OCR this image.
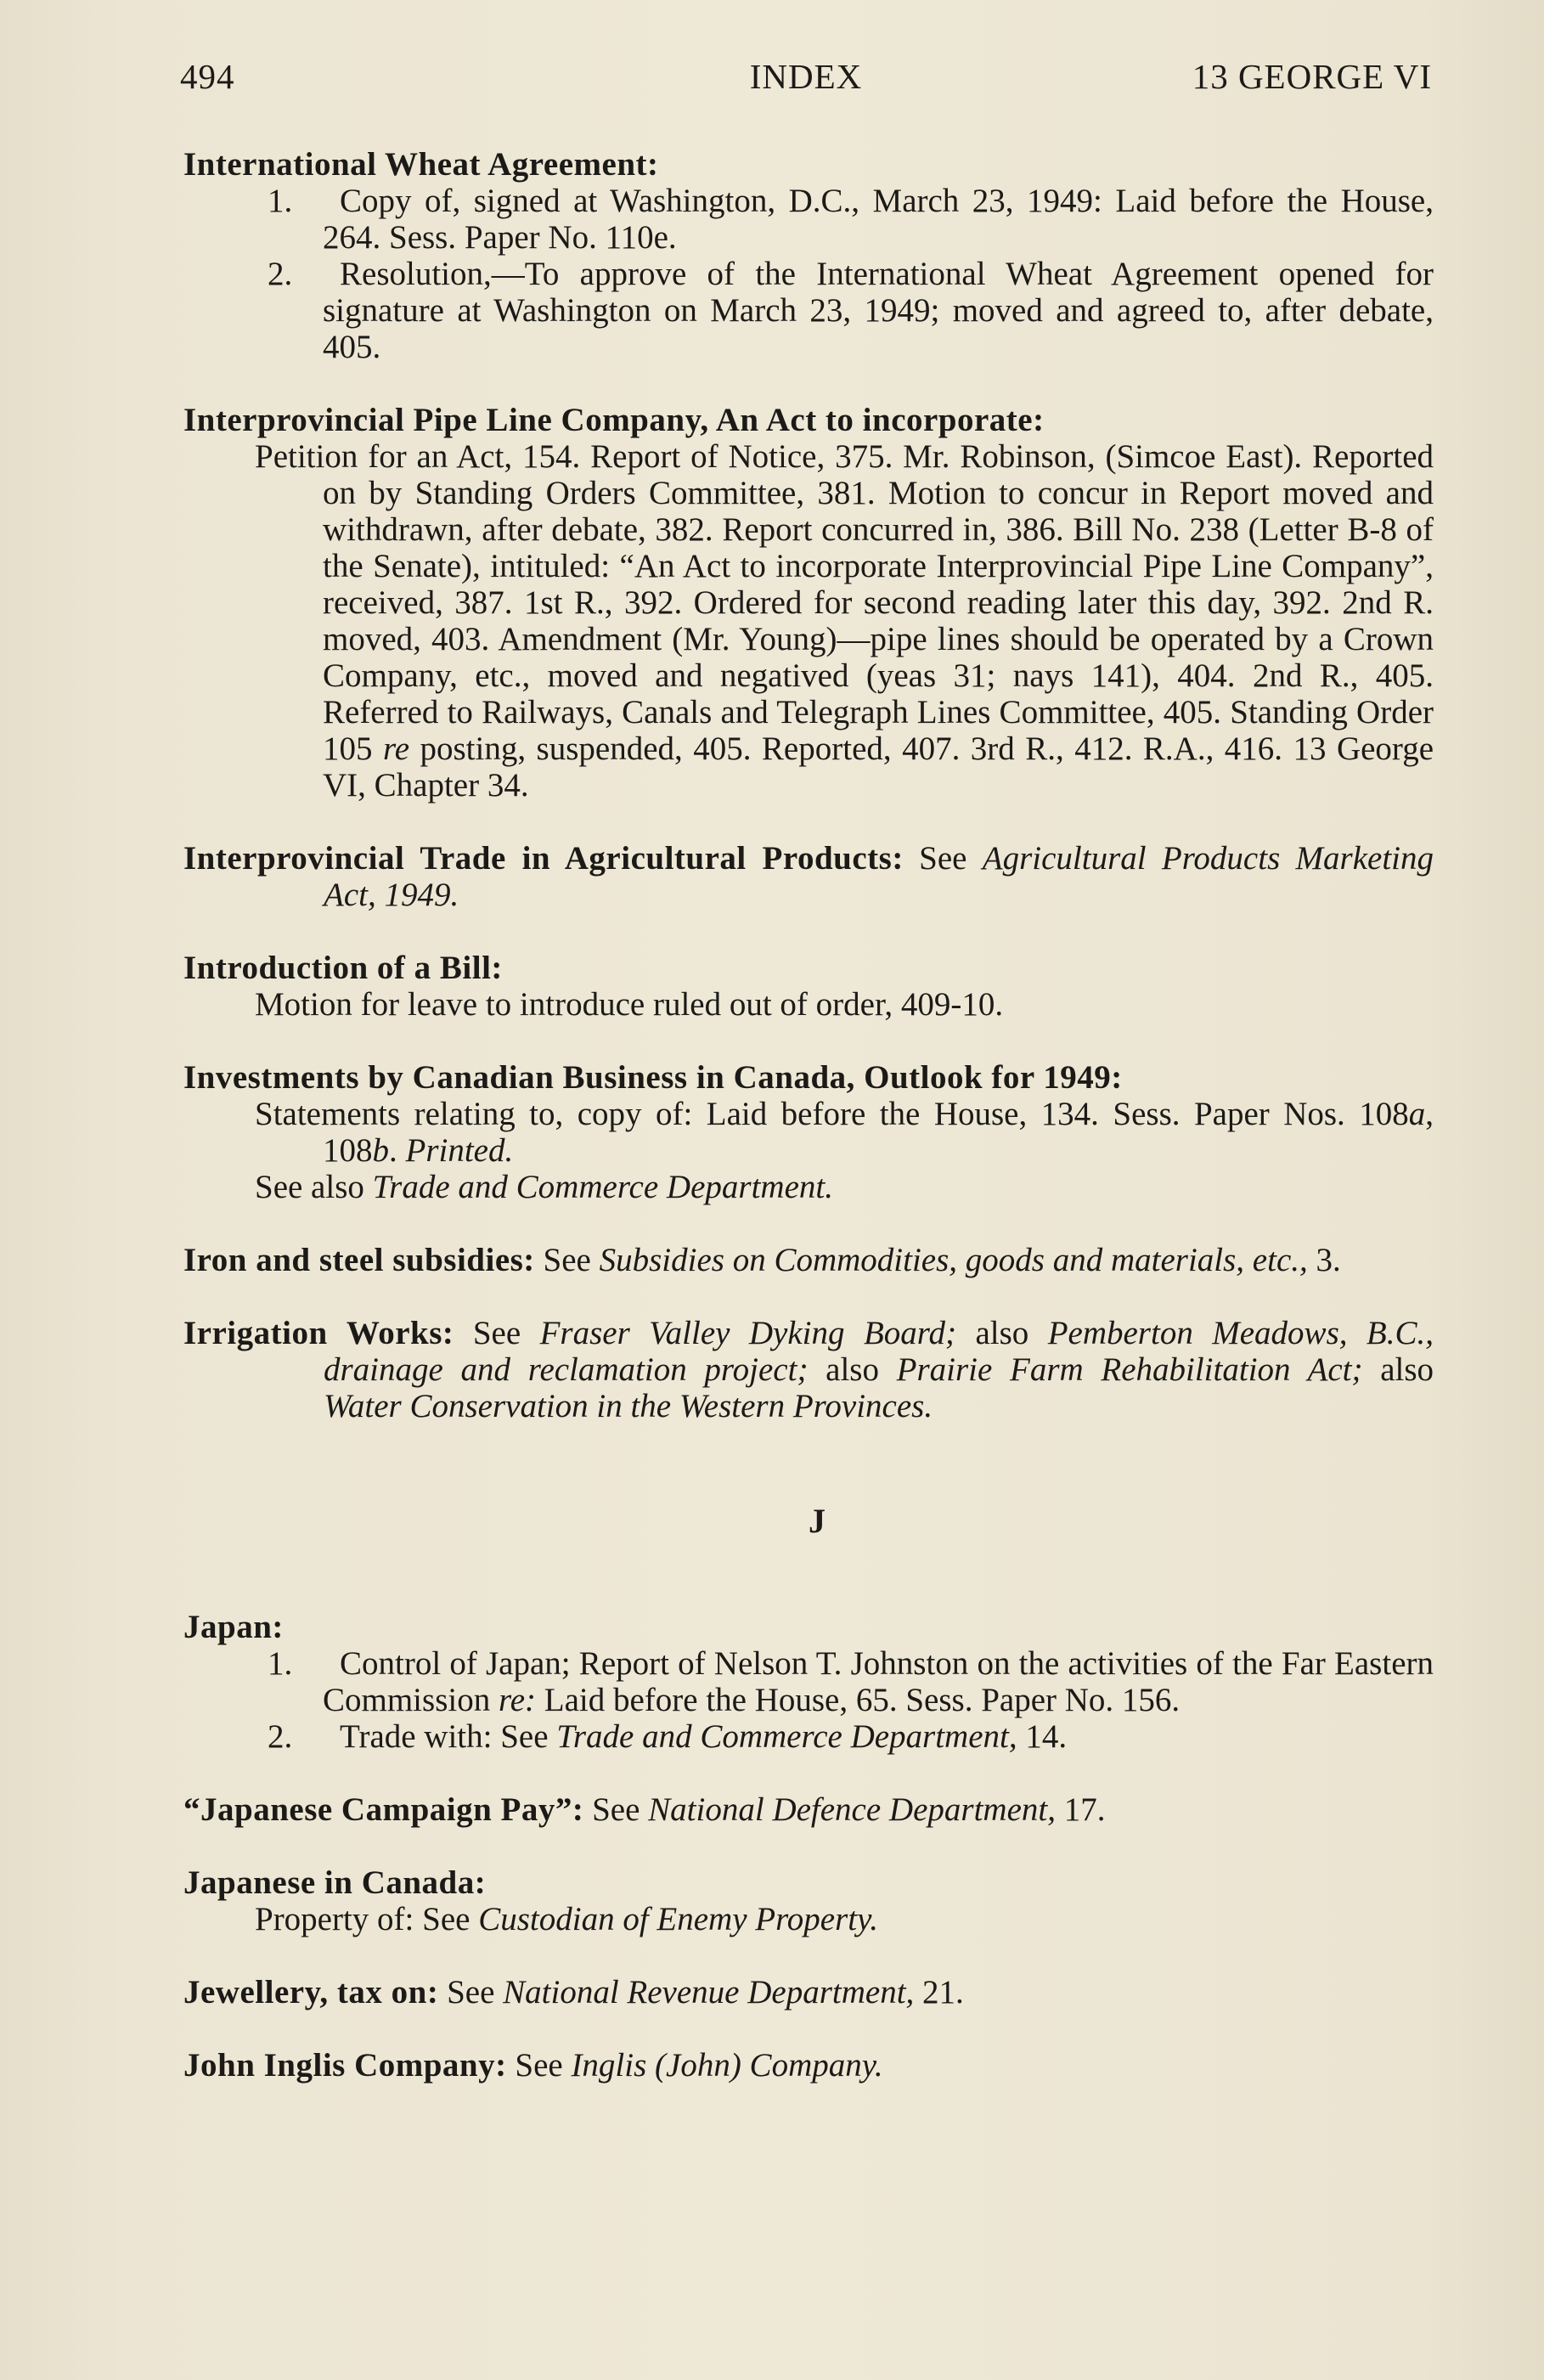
494	INDEX	13 GEORGE VI
International Wheat Agreement:
1. Copy of, signed at Washington, D.C., March 23, 1949: Laid before the House, 264. Sess. Paper No. 110e.
2. Resolution,—To approve of the International Wheat Agreement opened for signature at Washington on March 23, 1949; moved and agreed to, after debate, 405.
Interprovincial Pipe Line Company, An Act to incorporate:
Petition for an Act, 154. Report of Notice, 375. Mr. Robinson, (Simcoe East). Reported on by Standing Orders Committee, 381. Motion to concur in Report moved and withdrawn, after debate, 382. Report concurred in, 386. Bill No. 238 (Letter B-8 of the Senate), intituled: “An Act to incorporate Interprovincial Pipe Line Company”, received, 387. 1st R., 392. Ordered for second reading later this day, 392. 2nd R. moved, 403. Amendment (Mr. Young)—pipe lines should be operated by a Crown Company, etc., moved and negatived (yeas 31; nays 141), 404. 2nd R., 405. Referred to Railways, Canals and Telegraph Lines Committee, 405. Standing Order 105 re posting, suspended, 405. Reported, 407. 3rd R., 412. R.A., 416. 13 George VI, Chapter 34.
Interprovincial Trade in Agricultural Products: See Agricultural Products Marketing Act, 1949.
Introduction of a Bill:
Motion for leave to introduce ruled out of order, 409-10.
Investments by Canadian Business in Canada, Outlook for 1949:
Statements relating to, copy of: Laid before the House, 134. Sess. Paper Nos. 108a, 108b. Printed.
See also Trade and Commerce Department.
Iron and steel subsidies: See Subsidies on Commodities, goods and materials, etc., 3.
Irrigation Works: See Fraser Valley Dyking Board; also Pemberton Meadows, B.C., drainage and reclamation project; also Prairie Farm Rehabilitation Act; also Water Conservation in the Western Provinces.
J
Japan:
1. Control of Japan; Report of Nelson T. Johnston on the activities of the Far Eastern Commission re: Laid before the House, 65. Sess. Paper No. 156.
2. Trade with: See Trade and Commerce Department, 14.
“Japanese Campaign Pay”: See National Defence Department, 17.
Japanese in Canada:
Property of: See Custodian of Enemy Property.
Jewellery, tax on: See National Revenue Department, 21.
John Inglis Company: See Inglis (John) Company.
